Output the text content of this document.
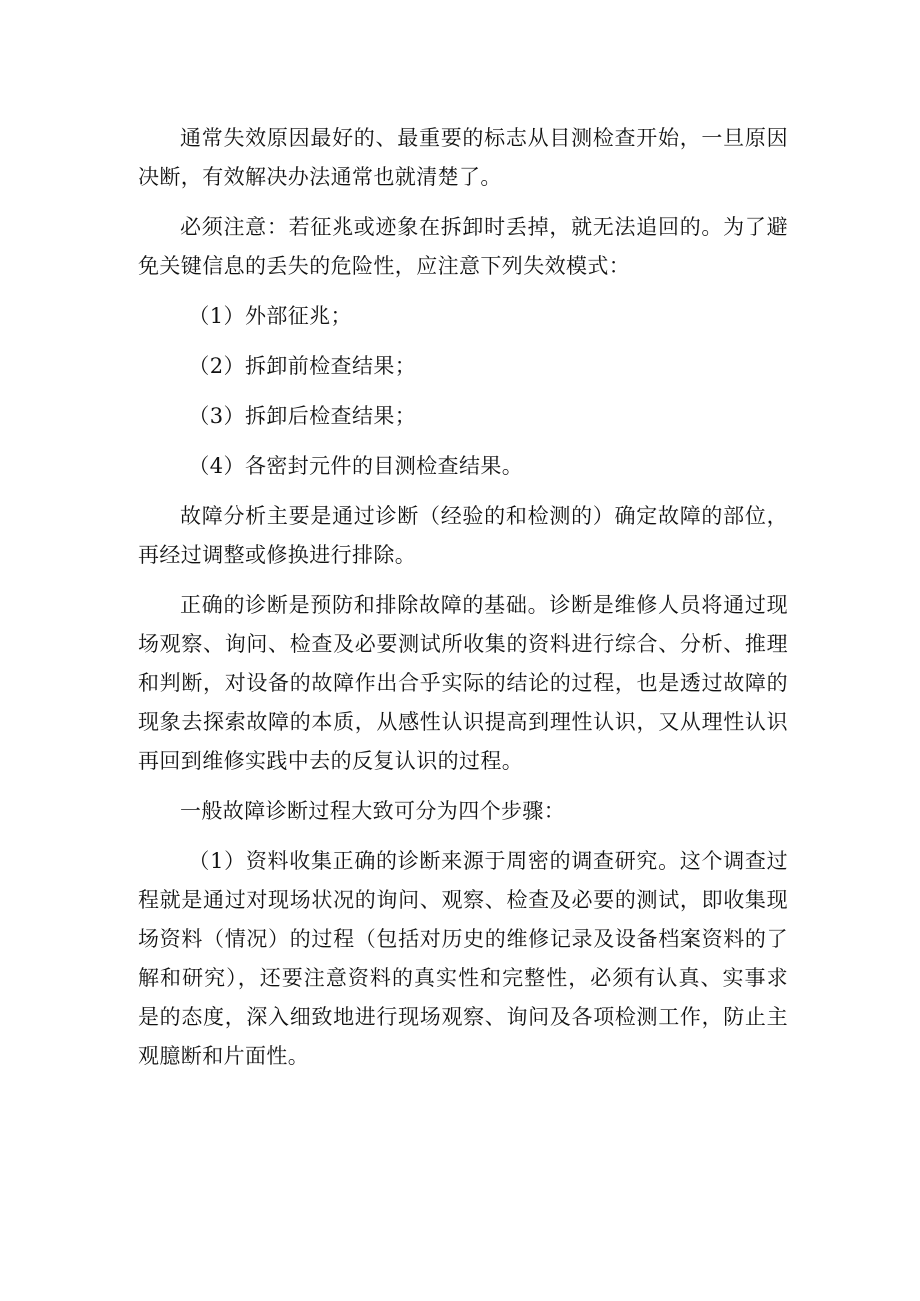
通常失效原因最好的、最重要的标志从目测检查开始，一旦原因决断，有效解决办法通常也就清楚了。

必须注意：若征兆或迹象在拆卸时丢掉，就无法追回的。为了避免关键信息的丢失的危险性，应注意下列失效模式：

（1）外部征兆；

（2）拆卸前检查结果；

（3）拆卸后检查结果；

（4）各密封元件的目测检查结果。

故障分析主要是通过诊断（经验的和检测的）确定故障的部位，再经过调整或修换进行排除。

正确的诊断是预防和排除故障的基础。诊断是维修人员将通过现场观察、询问、检查及必要测试所收集的资料进行综合、分析、推理和判断，对设备的故障作出合乎实际的结论的过程，也是透过故障的现象去探索故障的本质，从感性认识提高到理性认识，又从理性认识再回到维修实践中去的反复认识的过程。

一般故障诊断过程大致可分为四个步骤：

（1）资料收集正确的诊断来源于周密的调查研究。这个调查过程就是通过对现场状况的询问、观察、检查及必要的测试，即收集现场资料（情况）的过程（包括对历史的维修记录及设备档案资料的了解和研究），还要注意资料的真实性和完整性，必须有认真、实事求是的态度，深入细致地进行现场观察、询问及各项检测工作，防止主观臆断和片面性。
